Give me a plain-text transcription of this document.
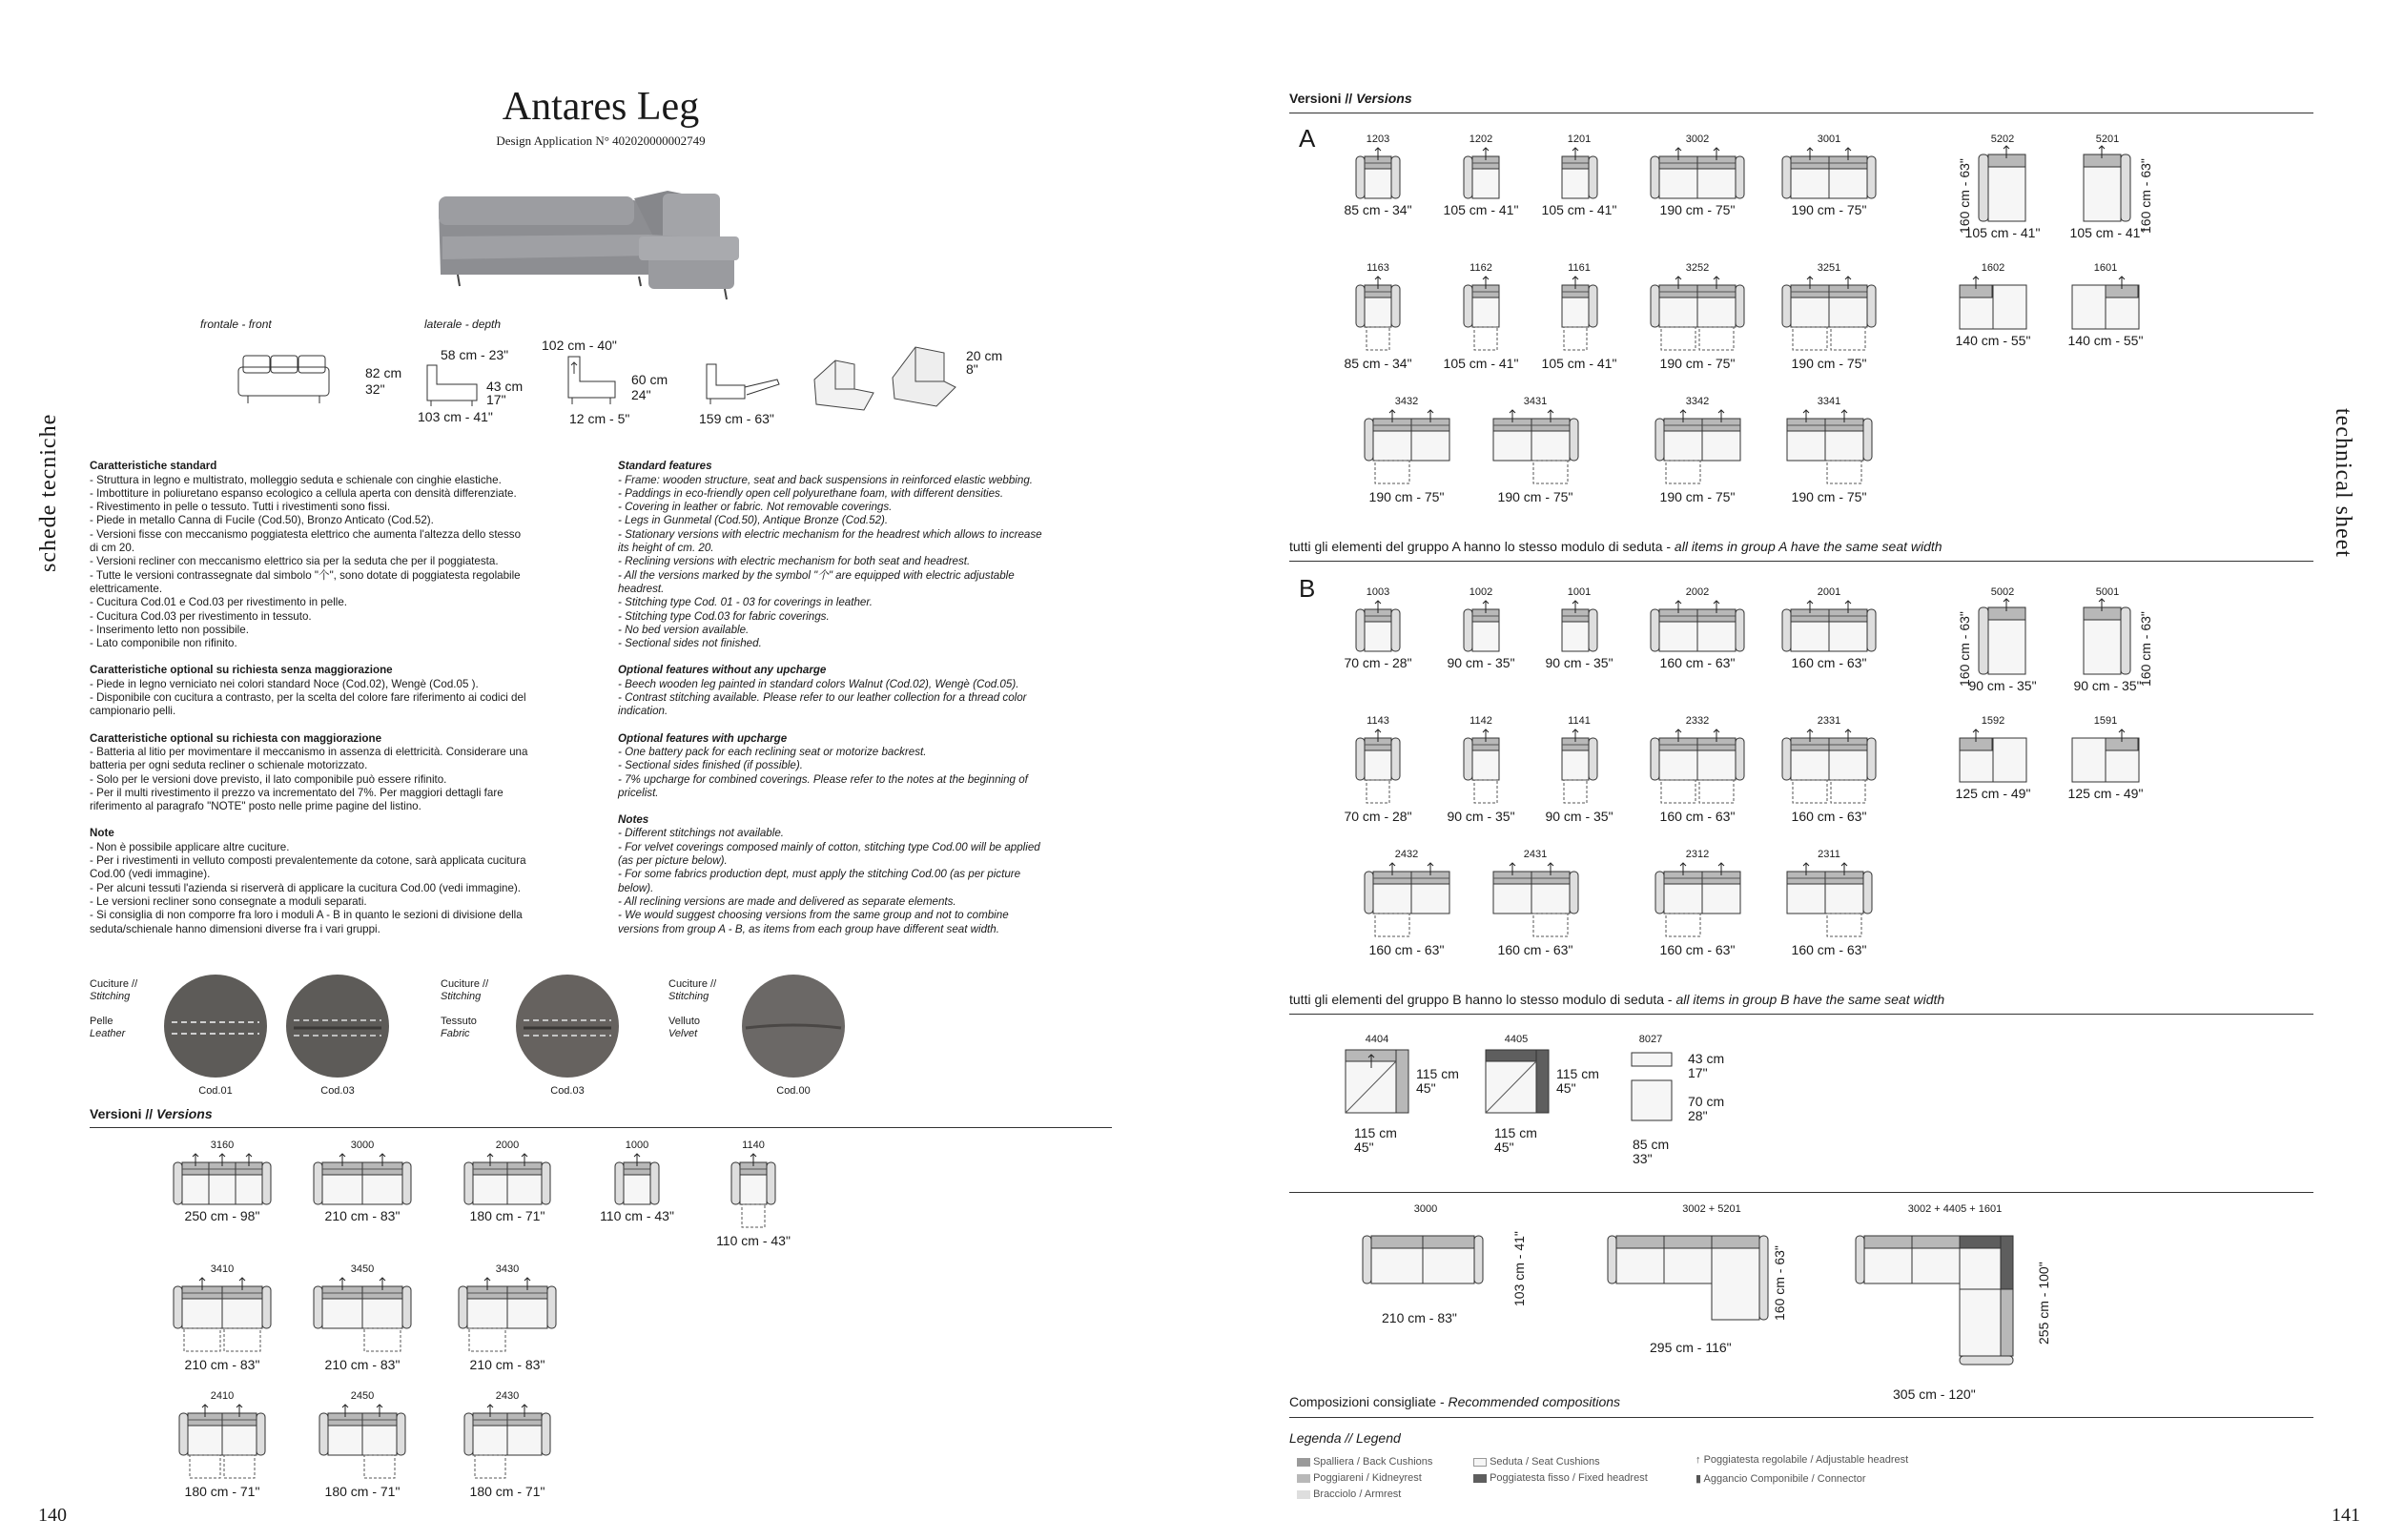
Antares Leg
Design Application N° 402020000002749
schede tecniche
140
frontale - front	laterale - depth
82 cm
32"
58 cm - 23"
43 cm
17"
103 cm - 41"
102 cm - 40"
60 cm
24"
12 cm - 5"	159 cm - 63"
20 cm
8"

Caratteristiche standard
- Struttura in legno e multistrato, molleggio seduta e schienale con cinghie elastiche.
- Imbottiture in poliuretano espanso ecologico a cellula aperta con densità differenziate.
- Rivestimento in pelle o tessuto. Tutti i rivestimenti sono fissi.
- Piede in metallo Canna di Fucile (Cod.50), Bronzo Anticato (Cod.52).
- Versioni fisse con meccanismo poggiatesta elettrico che aumenta l'altezza dello stesso
di cm 20.
- Versioni recliner con meccanismo elettrico sia per la seduta che per il poggiatesta.
- Tutte le versioni contrassegnate dal simbolo "个", sono dotate di poggiatesta regolabile
elettricamente.
- Cucitura Cod.01 e Cod.03 per rivestimento in pelle.
- Cucitura Cod.03 per rivestimento in tessuto.
- Inserimento letto non possibile.
- Lato componibile non rifinito.

Caratteristiche optional su richiesta senza maggiorazione
- Piede in legno verniciato nei colori standard Noce (Cod.02), Wengè (Cod.05 ).
- Disponibile con cucitura a contrasto, per la scelta del colore fare riferimento ai codici del
campionario pelli.

Caratteristiche optional su richiesta con maggiorazione
- Batteria al litio per movimentare il meccanismo in assenza di elettricità. Considerare una
batteria per ogni seduta recliner o schienale motorizzato.
- Solo per le versioni dove previsto, il lato componibile può essere rifinito.
- Per il multi rivestimento il prezzo va incrementato del 7%. Per maggiori dettagli fare
riferimento al paragrafo "NOTE" posto nelle prime pagine del listino.

Note
- Non è possibile applicare altre cuciture.
- Per i rivestimenti in velluto composti prevalentemente da cotone, sarà applicata cucitura
Cod.00 (vedi immagine).
- Per alcuni tessuti l'azienda si riserverà di applicare la cucitura Cod.00 (vedi immagine).
- Le versioni recliner sono consegnate a moduli separati.
- Si consiglia di non comporre fra loro i moduli A - B in quanto le sezioni di divisione della
seduta/schienale hanno dimensioni diverse fra i vari gruppi.

Standard features
- Frame: wooden structure, seat and back suspensions in reinforced elastic webbing.
- Paddings in eco-friendly open cell polyurethane foam, with different densities.
- Covering in leather or fabric. Not removable coverings.
- Legs in Gunmetal (Cod.50), Antique Bronze (Cod.52).
- Stationary versions with electric mechanism for the headrest which allows to increase
its height of cm. 20.
- Reclining versions with electric mechanism for both seat and headrest.
- All the versions marked by the symbol "个" are equipped with electric adjustable
headrest.
- Stitching type Cod. 01 - 03 for coverings in leather.
- Stitching type Cod.03 for fabric coverings.
- No bed version available.
- Sectional sides not finished.

Optional features without any upcharge
- Beech wooden leg painted in standard colors Walnut (Cod.02), Wengè (Cod.05).
- Contrast stitching available. Please refer to our leather collection for a thread color
indication.

Optional features with upcharge
- One battery pack for each reclining seat or motorize backrest.
- Sectional sides finished (if possible).
- 7% upcharge for combined coverings. Please refer to the notes at the beginning of
pricelist.

Notes
- Different stitchings not available.
- For velvet coverings composed mainly of cotton, stitching type Cod.00 will be applied
(as per picture below).
- For some fabrics production dept, must apply the stitching Cod.00 (as per picture
below).
- All reclining versions are made and delivered as separate elements.
- We would suggest choosing versions from the same group and not to combine
versions from group A - B, as items from each group have different seat width.

Cuciture //
Stitching

Pelle
Leather
Cod.01	Cod.03
Cuciture //
Stitching

Tessuto
Fabric
Cod.03
Cuciture //
Stitching

Velluto
Velvet
Cod.00
Versioni // Versions
technical sheet
141
Versioni // Versions
A
tutti gli elementi del gruppo A hanno lo stesso modulo di seduta - all items in group A have the same seat width
B
tutti gli elementi del gruppo B hanno lo stesso modulo di seduta - all items in group B have the same seat width
4404
115 cm
45"
115 cm
45"
4405
115 cm
45"
115 cm
45"
8027
43 cm
17"
70 cm
28"
85 cm
33"
3000
210 cm - 83"
103 cm - 41"
3002 + 5201
295 cm - 116"
160 cm - 63"
3002 + 4405 + 1601
305 cm - 120"
255 cm - 100"
Composizioni consigliate - Recommended compositions
Legenda // Legend
Spalliera / Back Cushions
Poggiareni / Kidneyrest
Bracciolo / Armrest
Seduta / Seat Cushions
Poggiatesta fisso / Fixed headrest
↑ Poggiatesta regolabile / Adjustable headrest
▮ Aggancio Componibile / Connector
3160
250 cm - 98"
3000
210 cm - 83"
2000
180 cm - 71"
1000
110 cm - 43"
1140
110 cm - 43"
3410
210 cm - 83"
3450
210 cm - 83"
3430
210 cm - 83"
2410
180 cm - 71"
2450
180 cm - 71"
2430
180 cm - 71"
1203
85 cm - 34"
1202
105 cm - 41"
1201
105 cm - 41"
3002
190 cm - 75"
3001
190 cm - 75"
5202
105 cm - 41"
160 cm - 63"
5201
105 cm - 41"
160 cm - 63"
1163
85 cm - 34"
1162
105 cm - 41"
1161
105 cm - 41"
3252
190 cm - 75"
3251
190 cm - 75"
1602
140 cm - 55"
1601
140 cm - 55"
3432
190 cm - 75"
3431
190 cm - 75"
3342
190 cm - 75"
3341
190 cm - 75"
1003
70 cm - 28"
1002
90 cm - 35"
1001
90 cm - 35"
2002
160 cm - 63"
2001
160 cm - 63"
5002
90 cm - 35"
160 cm - 63"
5001
90 cm - 35"
160 cm - 63"
1143
70 cm - 28"
1142
90 cm - 35"
1141
90 cm - 35"
2332
160 cm - 63"
2331
160 cm - 63"
1592
125 cm - 49"
1591
125 cm - 49"
2432
160 cm - 63"
2431
160 cm - 63"
2312
160 cm - 63"
2311
160 cm - 63"
